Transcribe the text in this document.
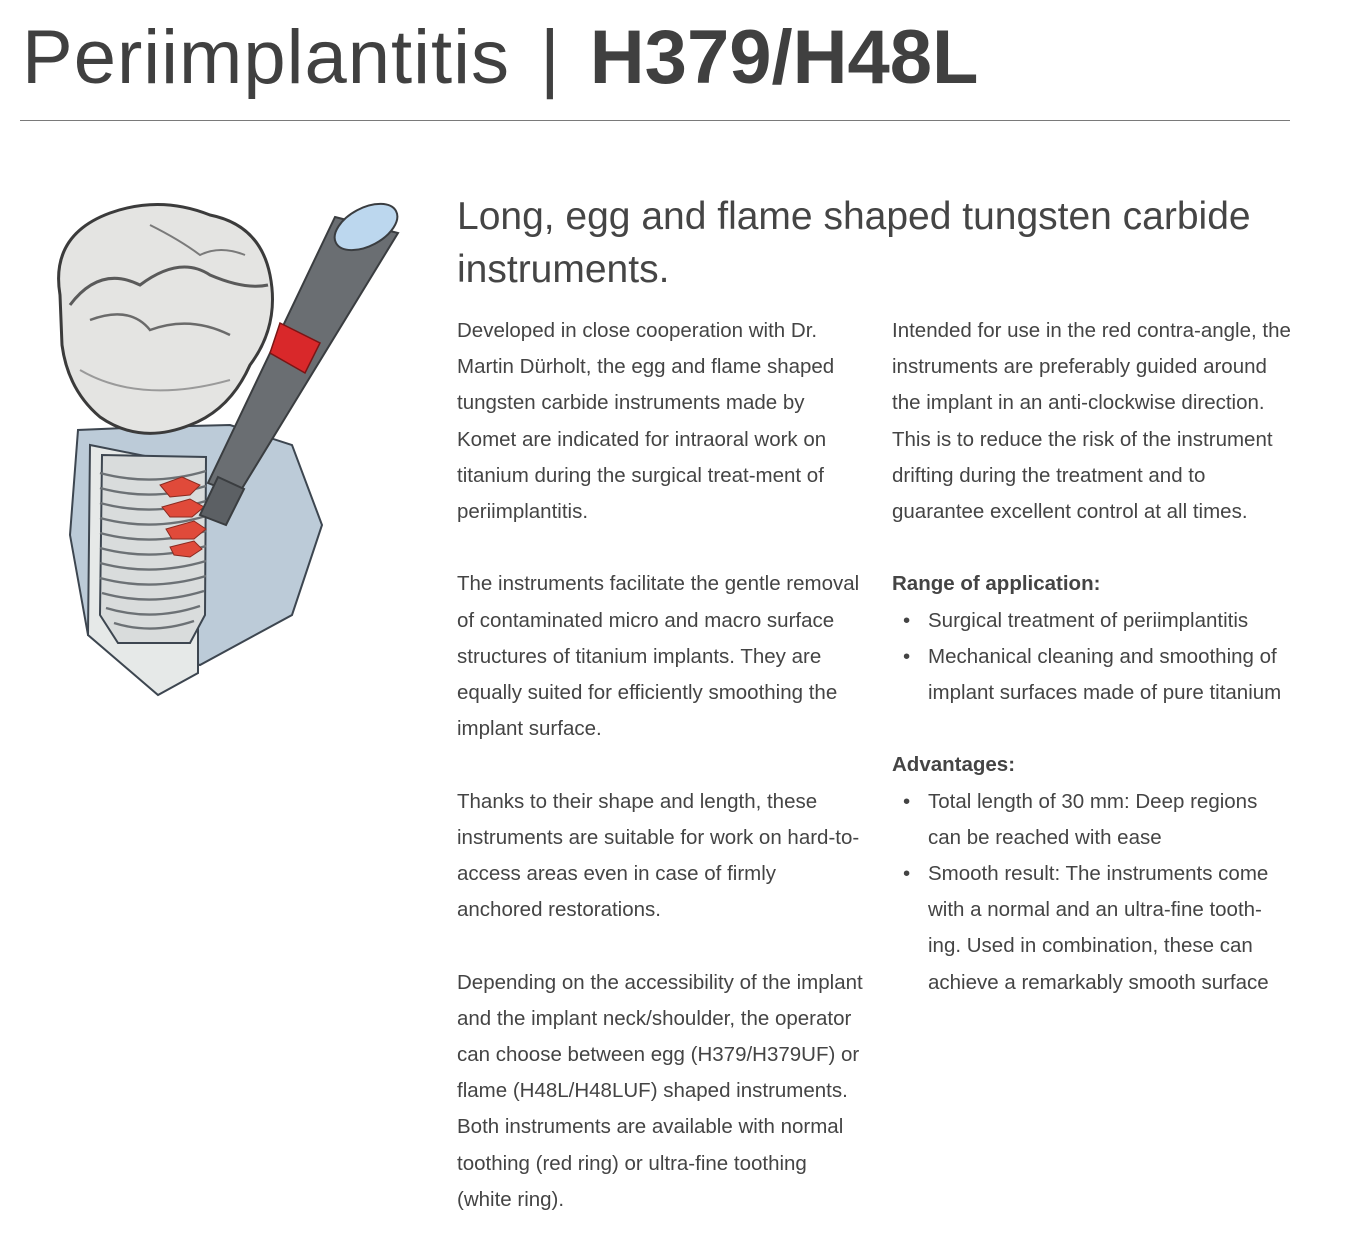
Periimplantitis | H379/H48L
Long, egg and flame shaped tungsten carbide instruments.

Developed in close cooperation with Dr. Martin Dürholt, the egg and flame shaped tungsten carbide instruments made by Komet are indicated for intraoral work on titanium during the surgical treat-ment of periimplantitis.

The instruments facilitate the gentle removal of contaminated micro and macro surface structures of titanium implants. They are equally suited for efficiently smoothing the implant surface.

Thanks to their shape and length, these instruments are suitable for work on hard-to-access areas even in case of firmly anchored restorations.

Depending on the accessibility of the implant and the implant neck/shoulder, the operator can choose between egg (H379/H379UF) or flame (H48L/H48LUF) shaped instruments. Both instruments are available with normal toothing (red ring) or ultra-fine toothing (white ring).

Intended for use in the red contra-angle, the instruments are preferably guided around the implant in an anti-clockwise direction. This is to reduce the risk of the instrument drifting during the treatment and to guarantee excellent control at all times.

Range of application:
• Surgical treatment of periimplantitis
• Mechanical cleaning and smoothing of implant surfaces made of pure titanium
Advantages:
• Total length of 30 mm: Deep regions can be reached with ease
• Smooth result: The instruments come with a normal and an ultra-fine tooth-ing. Used in combination, these can achieve a remarkably smooth surface
